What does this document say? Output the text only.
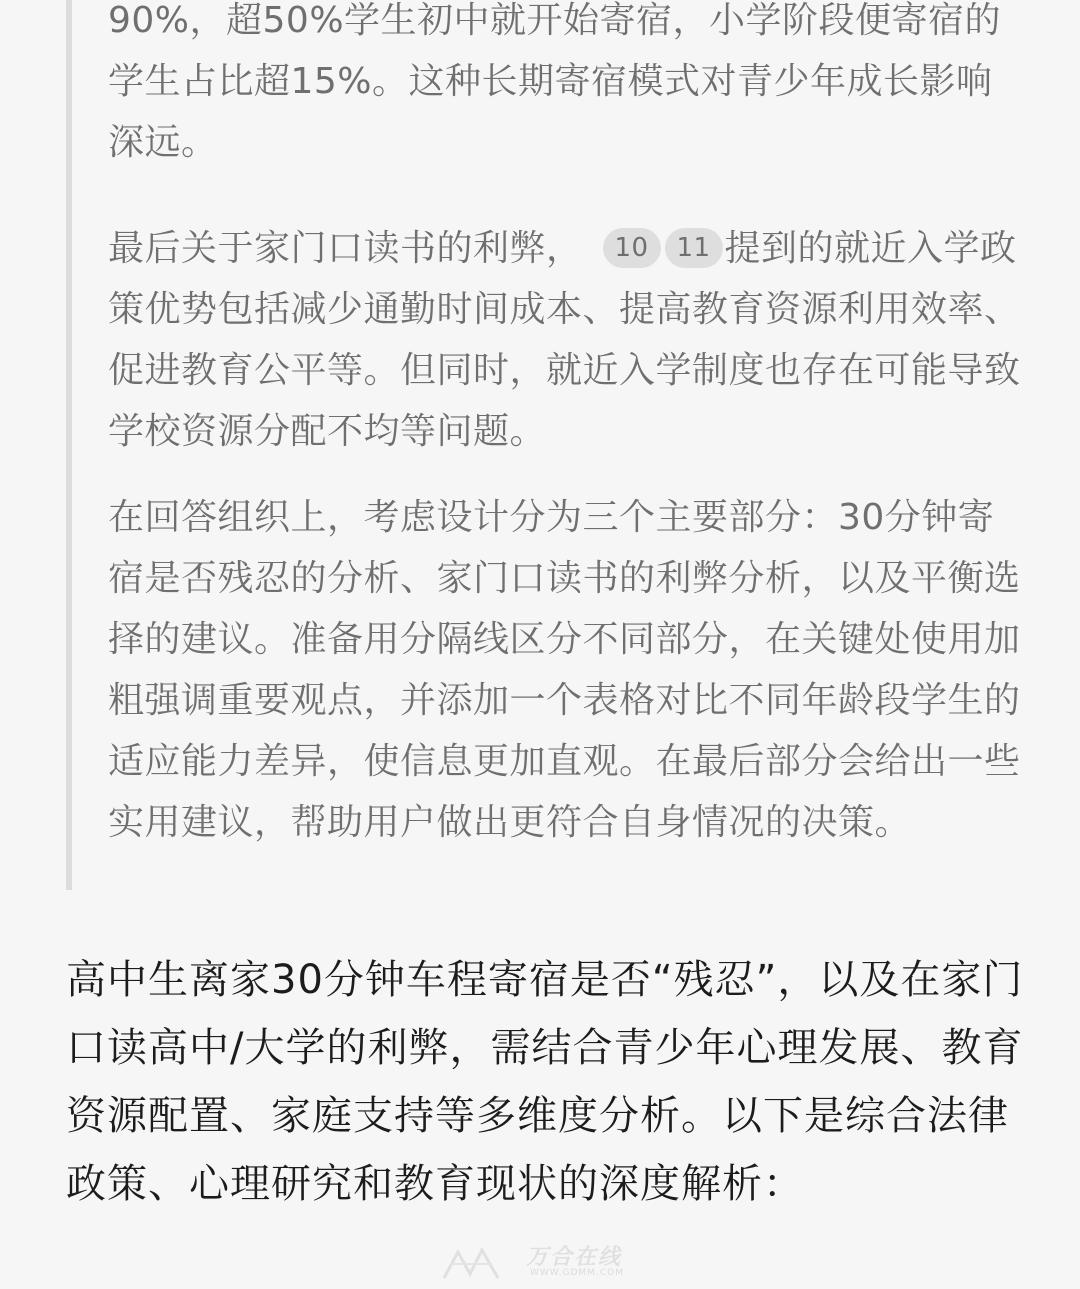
90%，超50%学生初中就开始寄宿，小学阶段便寄宿的学生占比超15%。这种长期寄宿模式对青少年成长影响深远。

最后关于家门口读书的利弊， 10 11 提到的就近入学政策优势包括减少通勤时间成本、提高教育资源利用效率、促进教育公平等。但同时，就近入学制度也存在可能导致学校资源分配不均等问题。

在回答组织上，考虑设计分为三个主要部分：30分钟寄宿是否残忍的分析、家门口读书的利弊分析，以及平衡选择的建议。准备用分隔线区分不同部分，在关键处使用加粗强调重要观点，并添加一个表格对比不同年龄段学生的适应能力差异，使信息更加直观。在最后部分会给出一些实用建议，帮助用户做出更符合自身情况的决策。

高中生离家30分钟车程寄宿是否“残忍”，以及在家门口读高中/大学的利弊，需结合青少年心理发展、教育资源配置、家庭支持等多维度分析。以下是综合法律政策、心理研究和教育现状的深度解析：

万合在线
WWW.GDMM.COM
